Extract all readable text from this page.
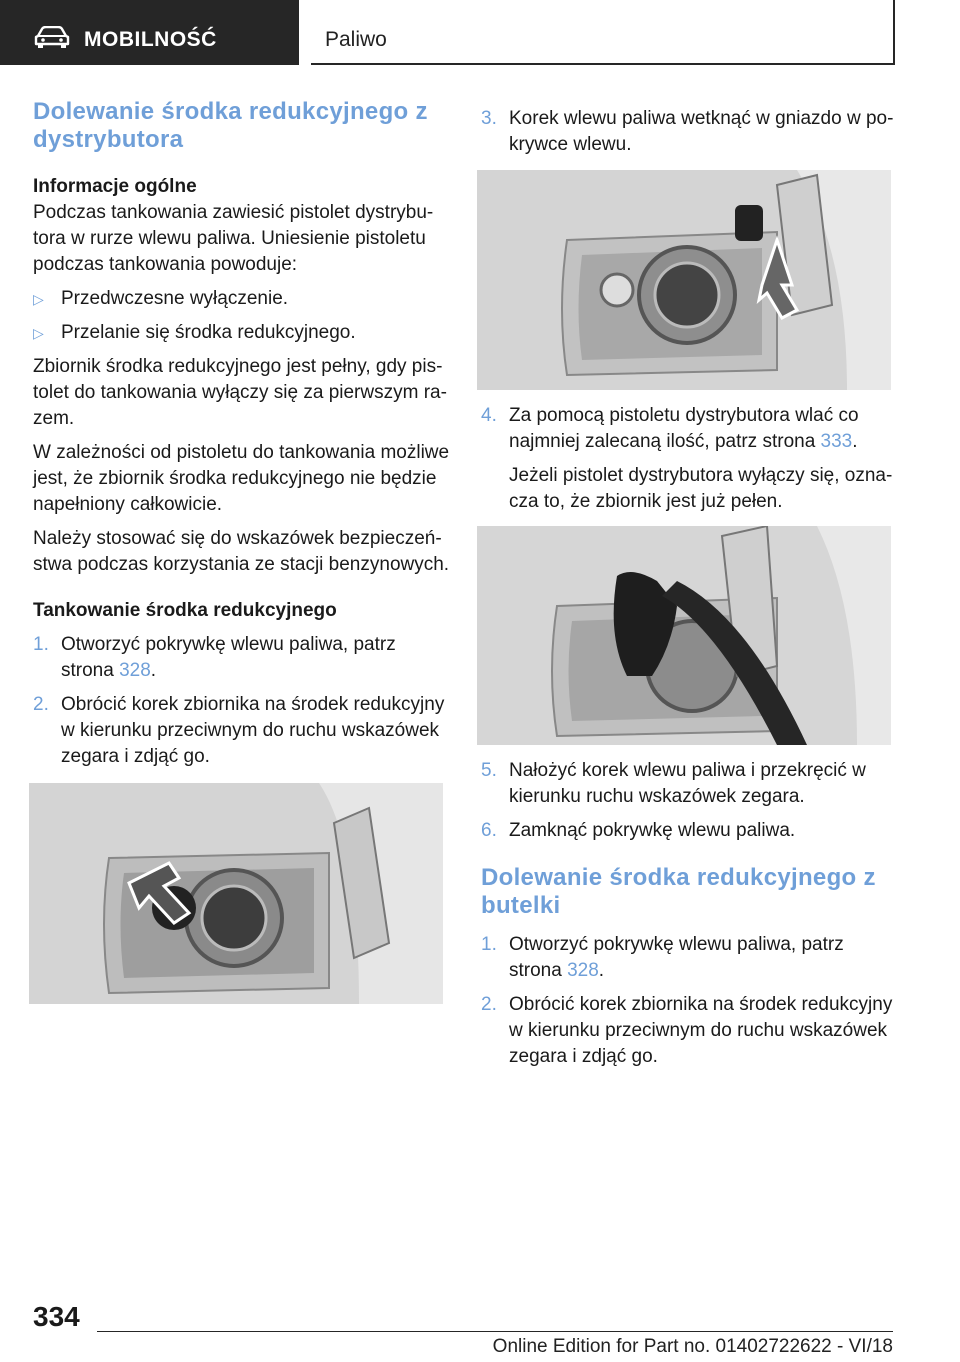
MOBILNOŚĆ	Paliwo
Dolewanie środka redukcyjnego z dystrybutora
Informacje ogólne

Podczas tankowania zawiesić pistolet dystrybu-tora w rurze wlewu paliwa. Uniesienie pistoletu podczas tankowania powoduje:

▷ Przedwczesne wyłączenie.
▷ Przelanie się środka redukcyjnego.

Zbiornik środka redukcyjnego jest pełny, gdy pis-tolet do tankowania wyłączy się za pierwszym ra-zem.

W zależności od pistoletu do tankowania możliwe jest, że zbiornik środka redukcyjnego nie będzie napełniony całkowicie.

Należy stosować się do wskazówek bezpieczeń-stwa podczas korzystania ze stacji benzynowych.

Tankowanie środka redukcyjnego
1. Otworzyć pokrywkę wlewu paliwa, patrz strona 328.
2. Obrócić korek zbiornika na środek redukcyjny w kierunku przeciwnym do ruchu wskazówek zegara i zdjąć go.
3. Korek wlewu paliwa wetknąć w gniazdo w po-krywce wlewu.
4. Za pomocą pistoletu dystrybutora wlać co najmniej zalecaną ilość, patrz strona 333.
Jeżeli pistolet dystrybutora wyłączy się, ozna-cza to, że zbiornik jest już pełen.
5. Nałożyć korek wlewu paliwa i przekręcić w kierunku ruchu wskazówek zegara.
6. Zamknąć pokrywkę wlewu paliwa.
Dolewanie środka redukcyjnego z butelki
1. Otworzyć pokrywkę wlewu paliwa, patrz strona 328.
2. Obrócić korek zbiornika na środek redukcyjny w kierunku przeciwnym do ruchu wskazówek zegara i zdjąć go.
334
Online Edition for Part no. 01402722622 - VI/18
